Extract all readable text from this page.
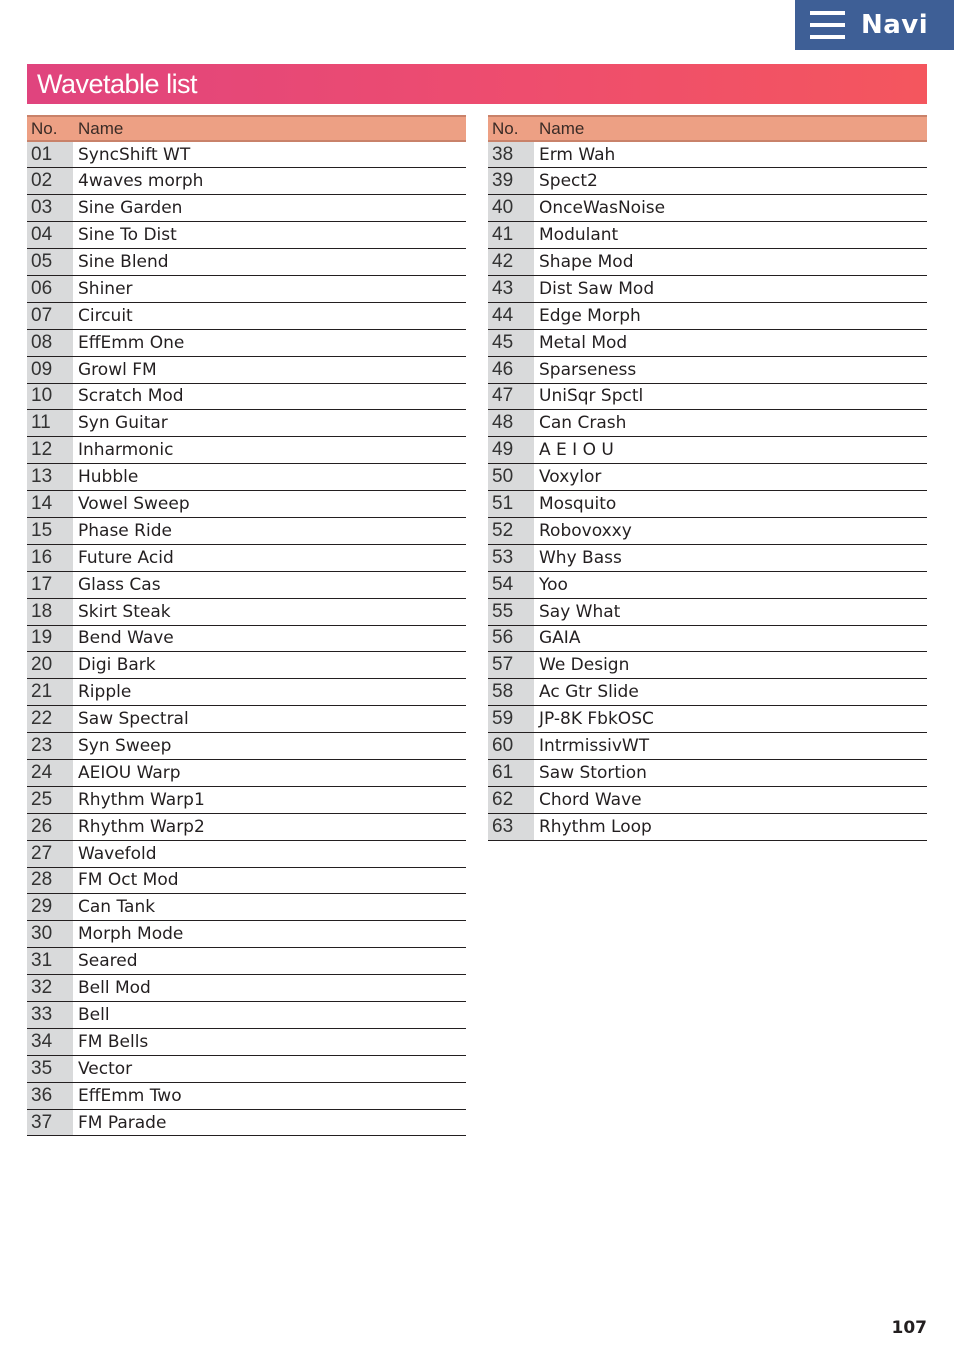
Navi
Wavetable list
No.	Name
01	SyncShift WT
02	4waves morph
03	Sine Garden
04	Sine To Dist
05	Sine Blend
06	Shiner
07	Circuit
08	EffEmm One
09	Growl FM
10	Scratch Mod
11	Syn Guitar
12	Inharmonic
13	Hubble
14	Vowel Sweep
15	Phase Ride
16	Future Acid
17	Glass Cas
18	Skirt Steak
19	Bend Wave
20	Digi Bark
21	Ripple
22	Saw Spectral
23	Syn Sweep
24	AEIOU Warp
25	Rhythm Warp1
26	Rhythm Warp2
27	Wavefold
28	FM Oct Mod
29	Can Tank
30	Morph Mode
31	Seared
32	Bell Mod
33	Bell
34	FM Bells
35	Vector
36	EffEmm Two
37	FM Parade
No.	Name
38	Erm Wah
39	Spect2
40	OnceWasNoise
41	Modulant
42	Shape Mod
43	Dist Saw Mod
44	Edge Morph
45	Metal Mod
46	Sparseness
47	UniSqr Spctl
48	Can Crash
49	A E I O U
50	Voxylor
51	Mosquito
52	Robovoxxy
53	Why Bass
54	Yoo
55	Say What
56	GAIA
57	We Design
58	Ac Gtr Slide
59	JP-8K FbkOSC
60	IntrmissivWT
61	Saw Stortion
62	Chord Wave
63	Rhythm Loop
107
